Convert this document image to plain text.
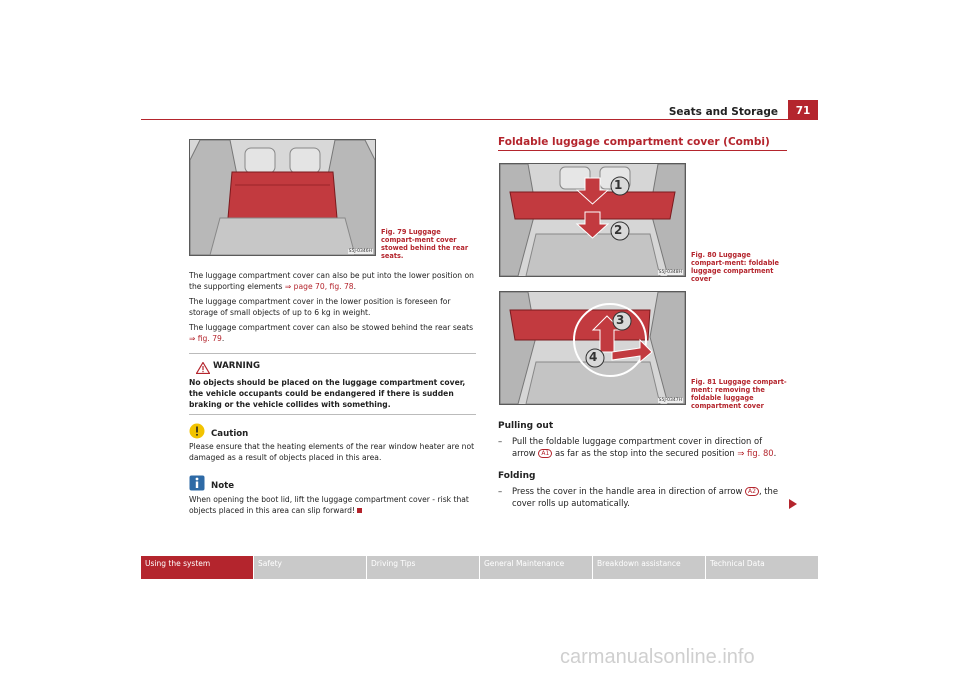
Seats and Storage	71
S5J-0346H
Fig. 79 Luggage compart-ment cover stowed behind the rear seats.
The luggage compartment cover can also be put into the lower position on the supporting elements ⇒ page 70, fig. 78.
The luggage compartment cover in the lower position is foreseen for storage of small objects of up to 6 kg in weight.
The luggage compartment cover can also be stowed behind the rear seats
⇒ fig. 79.
WARNING
No objects should be placed on the luggage compartment cover, the vehicle occupants could be endangered if there is sudden braking or the vehicle collides with something.
Caution
Please ensure that the heating elements of the rear window heater are not damaged as a result of objects placed in this area.
Note
When opening the boot lid, lift the luggage compartment cover - risk that objects placed in this area can slip forward!
Foldable luggage compartment cover (Combi)
1
2
S5J-0348H
Fig. 80 Luggage compart-ment: foldable luggage compartment cover
3
4
S5J-0347H
Fig. 81 Luggage compart-ment: removing the foldable luggage compartment cover
Pulling out
–	Pull the foldable luggage compartment cover in direction of arrow A1 as far as the stop into the secured position ⇒ fig. 80.
Folding
–	Press the cover in the handle area in direction of arrow A2 , the cover rolls up automatically.
Using the system	Safety	Driving Tips	General Maintenance	Breakdown assistance	Technical Data
carmanualsonline.info
